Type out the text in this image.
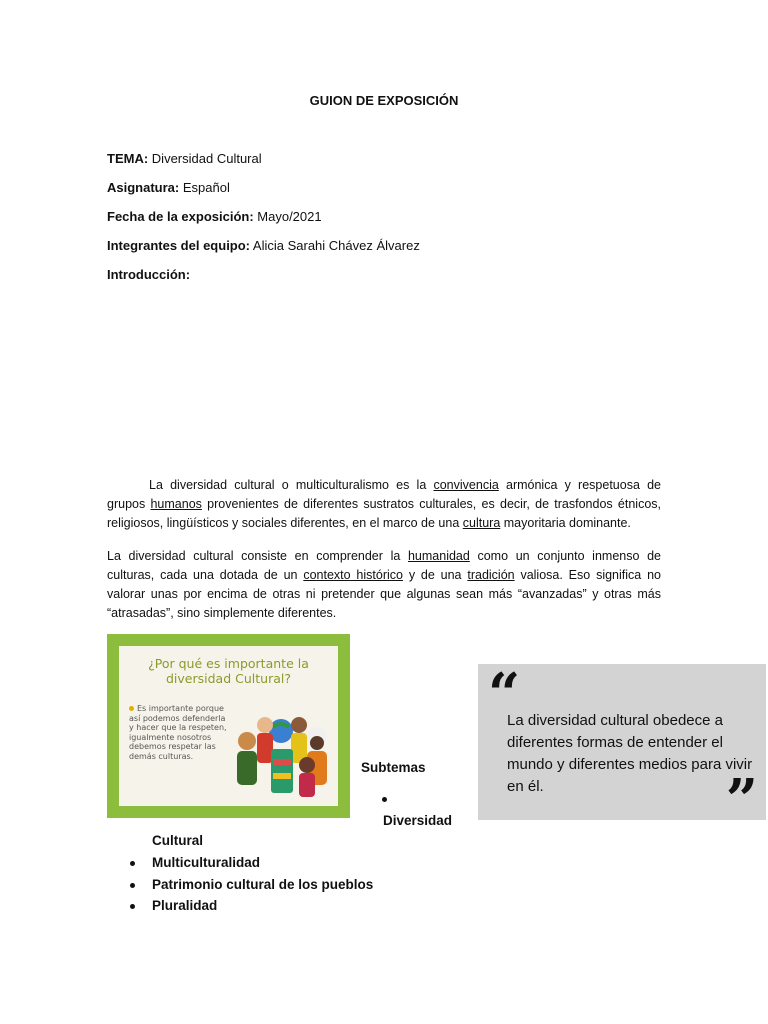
GUION DE EXPOSICIÓN
TEMA: Diversidad Cultural
Asignatura: Español
Fecha de la exposición: Mayo/2021
Integrantes del equipo: Alicia Sarahi Chávez Álvarez
Introducción:
La diversidad cultural o multiculturalismo es la convivencia armónica y respetuosa de grupos humanos provenientes de diferentes sustratos culturales, es decir, de trasfondos étnicos, religiosos, lingüísticos y sociales diferentes, en el marco de una cultura mayoritaria dominante.
La diversidad cultural consiste en comprender la humanidad como un conjunto inmenso de culturas, cada una dotada de un contexto histórico y de una tradición valiosa. Eso significa no valorar unas por encima de otras ni pretender que algunas sean más “avanzadas” y otras más “atrasadas”, sino simplemente diferentes.
¿Por qué es importante la diversidad Cultural?
Es importante porque así podemos defenderla y hacer que la respeten, igualmente nosotros debemos respetar las demás culturas.
“
La diversidad cultural obedece a diferentes formas de entender el mundo y diferentes medios para vivir en él.	”
Subtemas
Diversidad
Cultural
Multiculturalidad
Patrimonio cultural de los pueblos
Pluralidad
